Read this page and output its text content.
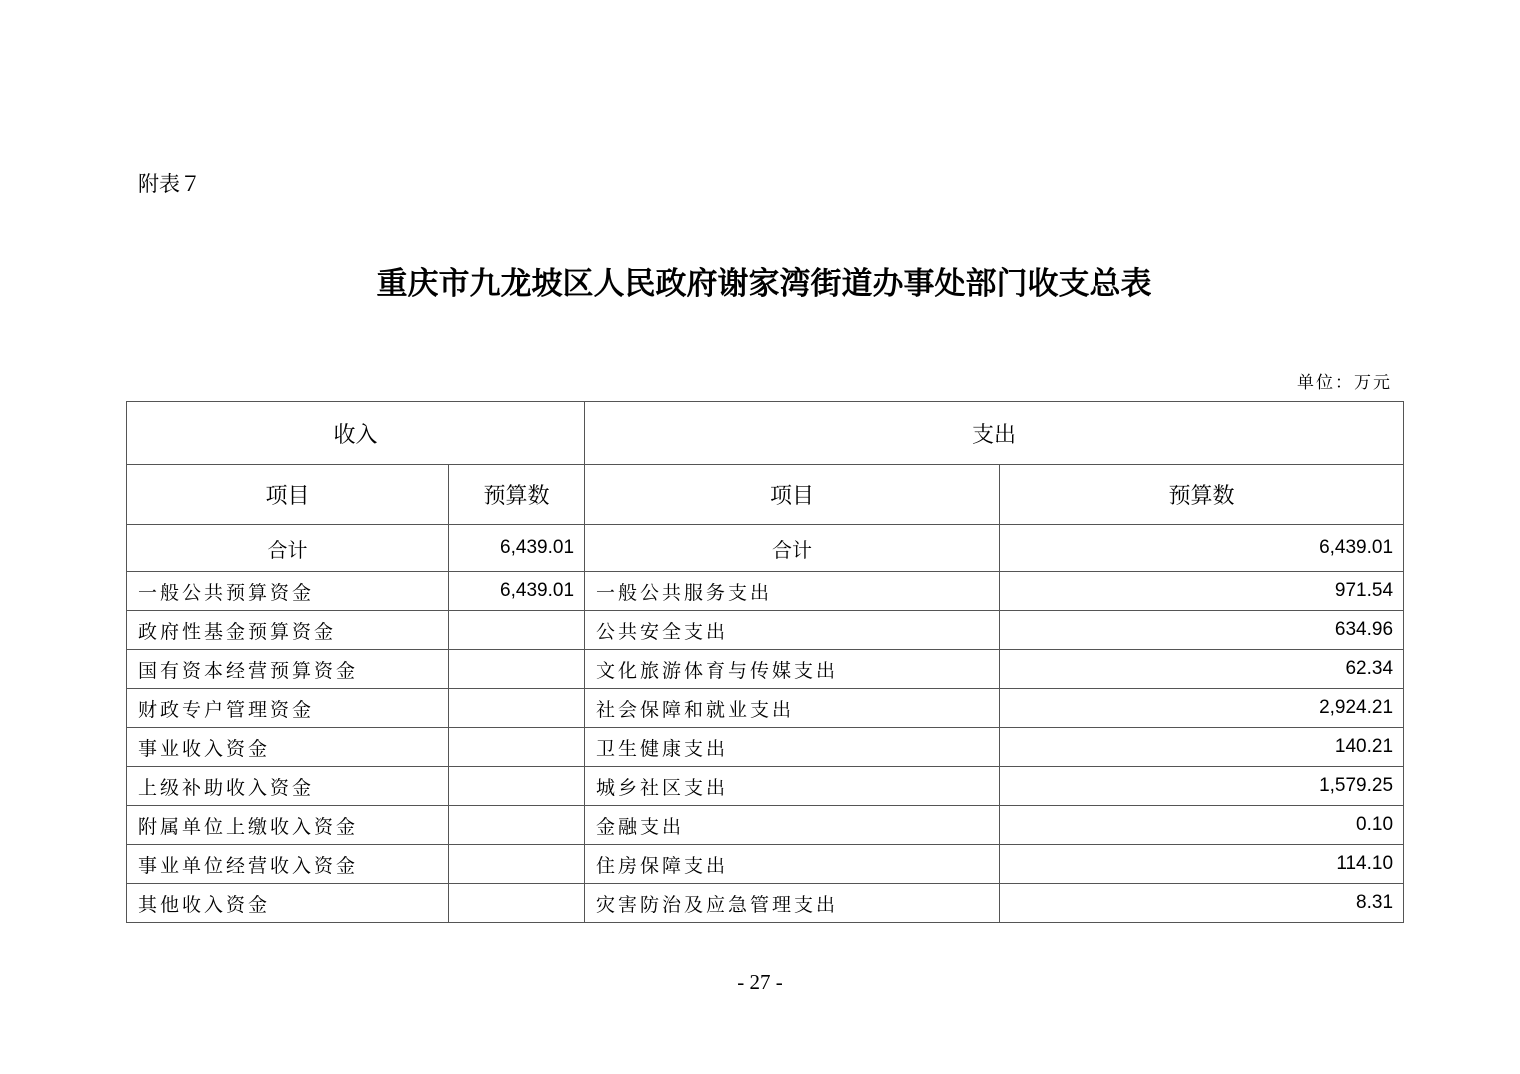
附表７
重庆市九龙坡区人民政府谢家湾街道办事处部门收支总表
单位：万元
收入		支出	
项目	预算数	项目	预算数
合计	6,439.01	合计	6,439.01
一般公共预算资金	6,439.01	一般公共服务支出	971.54
政府性基金预算资金		公共安全支出	634.96
国有资本经营预算资金		文化旅游体育与传媒支出	62.34
财政专户管理资金		社会保障和就业支出	2,924.21
事业收入资金		卫生健康支出	140.21
上级补助收入资金		城乡社区支出	1,579.25
附属单位上缴收入资金		金融支出	0.10
事业单位经营收入资金		住房保障支出	114.10
其他收入资金		灾害防治及应急管理支出	8.31
- 27 -
